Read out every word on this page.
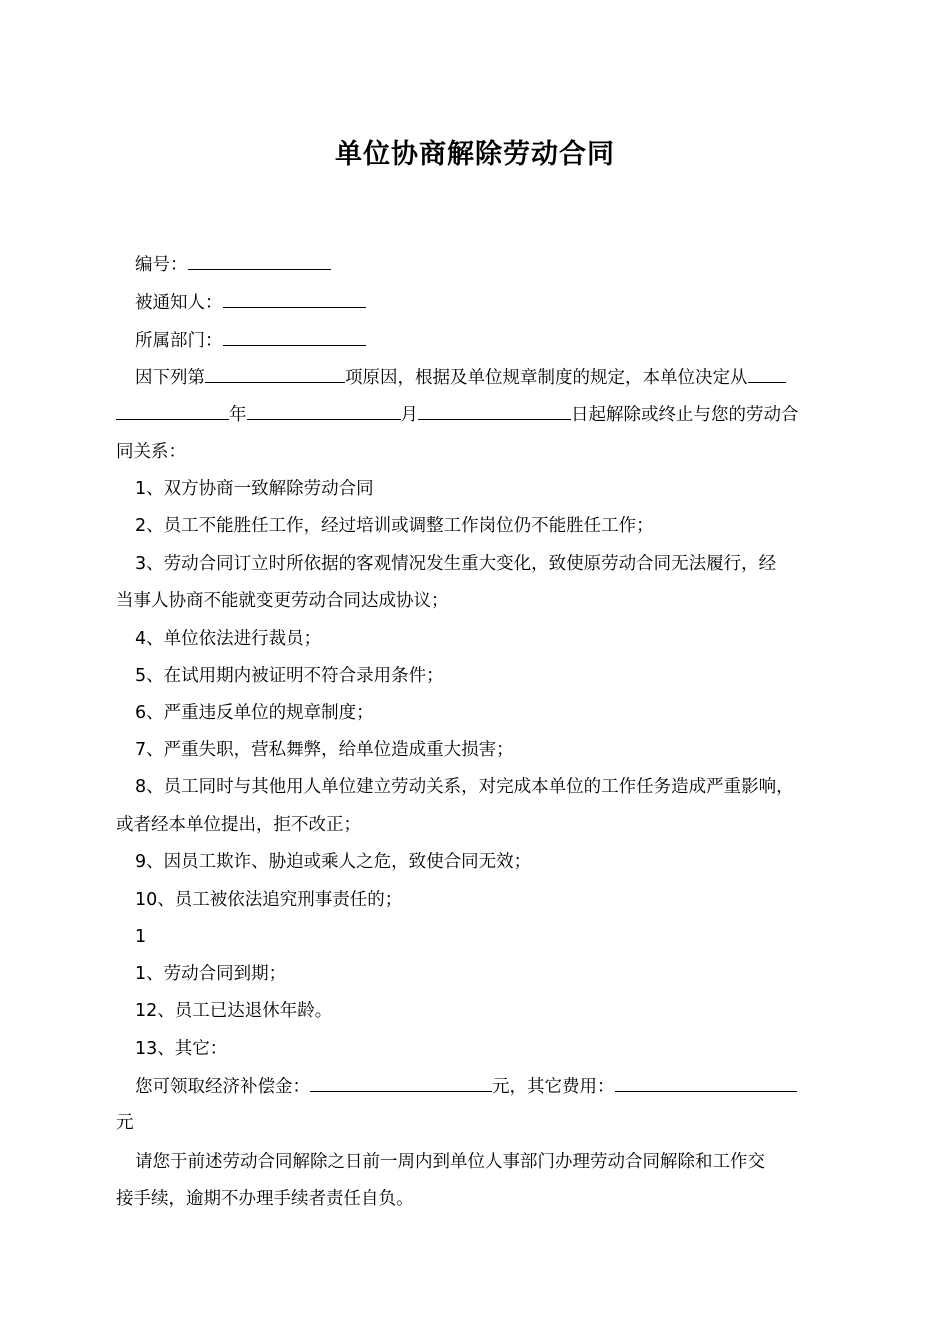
单位协商解除劳动合同
编号：
被通知人：
所属部门：
因下列第	项原因，根据及单位规章制度的规定，本单位决定从
年	月	日起解除或终止与您的劳动合
同关系：
1、双方协商一致解除劳动合同
2、员工不能胜任工作，经过培训或调整工作岗位仍不能胜任工作；
3、劳动合同订立时所依据的客观情况发生重大变化，致使原劳动合同无法履行，经
当事人协商不能就变更劳动合同达成协议；
4、单位依法进行裁员；
5、在试用期内被证明不符合录用条件；
6、严重违反单位的规章制度；
7、严重失职，营私舞弊，给单位造成重大损害；
8、员工同时与其他用人单位建立劳动关系，对完成本单位的工作任务造成严重影响，
或者经本单位提出，拒不改正；
9、因员工欺诈、胁迫或乘人之危，致使合同无效；
10、员工被依法追究刑事责任的；
1
1、劳动合同到期；
12、员工已达退休年龄。
13、其它：
您可领取经济补偿金：	元，其它费用：
元
请您于前述劳动合同解除之日前一周内到单位人事部门办理劳动合同解除和工作交
接手续，逾期不办理手续者责任自负。
